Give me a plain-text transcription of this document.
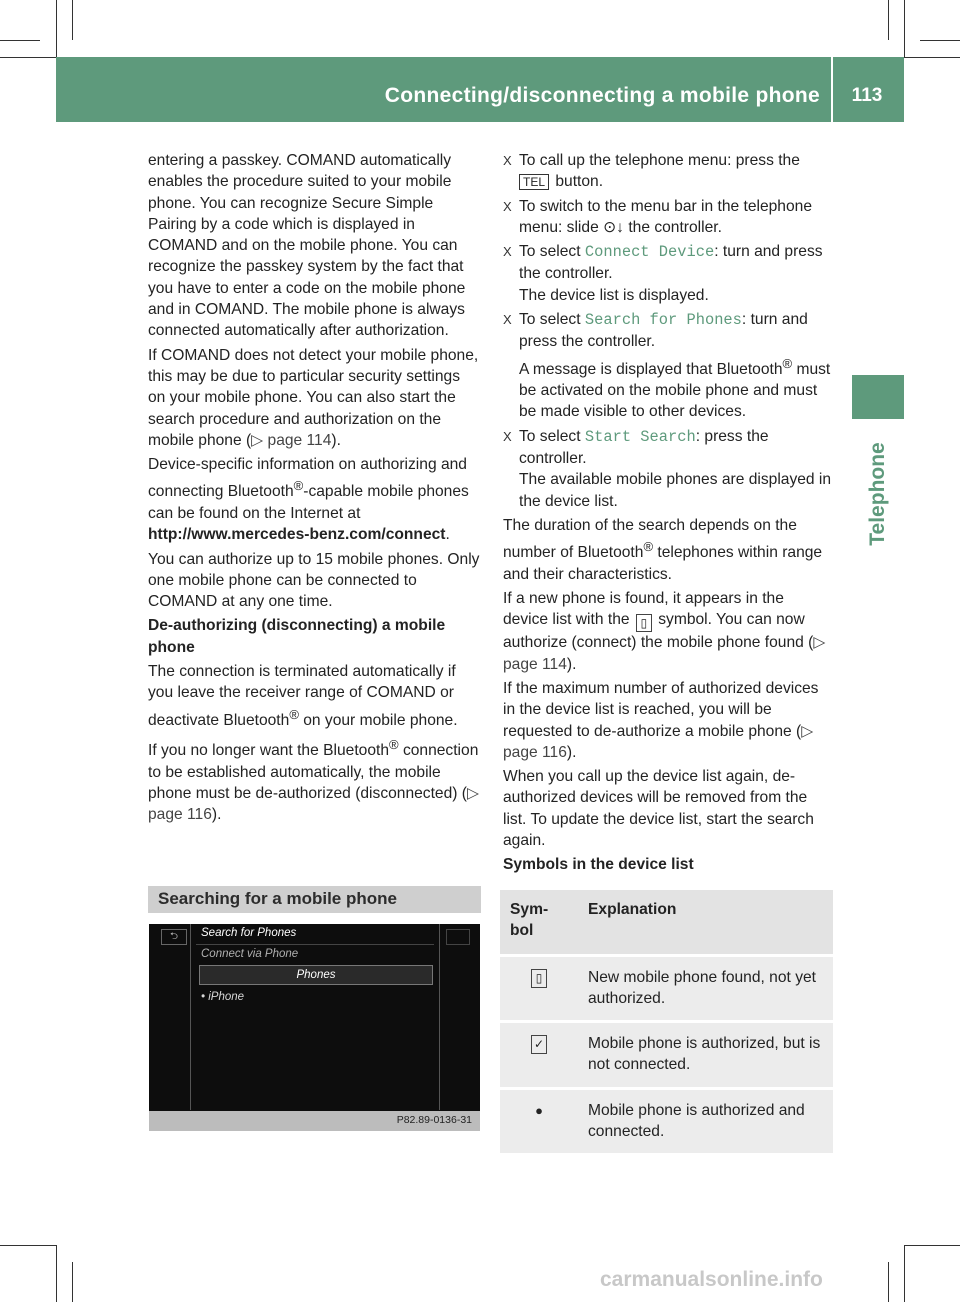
Connecting/disconnecting a mobile phone	113
Telephone

entering a passkey. COMAND automatically enables the procedure suited to your mobile phone. You can recognize Secure Simple Pairing by a code which is displayed in COMAND and on the mobile phone. You can recognize the passkey system by the fact that you have to enter a code on the mobile phone and in COMAND. The mobile phone is always connected automatically after authorization.

If COMAND does not detect your mobile phone, this may be due to particular security settings on your mobile phone. You can also start the search procedure and authorization on the mobile phone (▷ page 114).

Device-specific information on authorizing and connecting Bluetooth®-capable mobile phones can be found on the Internet at http://www.mercedes-benz.com/connect.

You can authorize up to 15 mobile phones. Only one mobile phone can be connected to COMAND at any one time.

De-authorizing (disconnecting) a mobile phone

The connection is terminated automatically if you leave the receiver range of COMAND or deactivate Bluetooth® on your mobile phone.

If you no longer want the Bluetooth® connection to be established automatically, the mobile phone must be de-authorized (disconnected) (▷ page 116).

Searching for a mobile phone
⮌	Search for Phones
Connect via Phone
Phones
• iPhone
P82.89-0136-31
X To call up the telephone menu: press the TEL button.
X To switch to the menu bar in the telephone menu: slide ⊙↓ the controller.
X To select Connect Device: turn and press the controller.
The device list is displayed.
X To select Search for Phones: turn and press the controller.
A message is displayed that Bluetooth® must be activated on the mobile phone and must be made visible to other devices.
X To select Start Search: press the controller.
The available mobile phones are displayed in the device list.

The duration of the search depends on the number of Bluetooth® telephones within range and their characteristics.

If a new phone is found, it appears in the device list with the ▯ symbol. You can now authorize (connect) the mobile phone found (▷ page 114).

If the maximum number of authorized devices in the device list is reached, you will be requested to de-authorize a mobile phone (▷ page 116).

When you call up the device list again, de-authorized devices will be removed from the list. To update the device list, start the search again.

Symbols in the device list

Sym-bol	Explanation
▯	New mobile phone found, not yet authorized.
✓	Mobile phone is authorized, but is not connected.
●	Mobile phone is authorized and connected.
carmanualsonline.info
